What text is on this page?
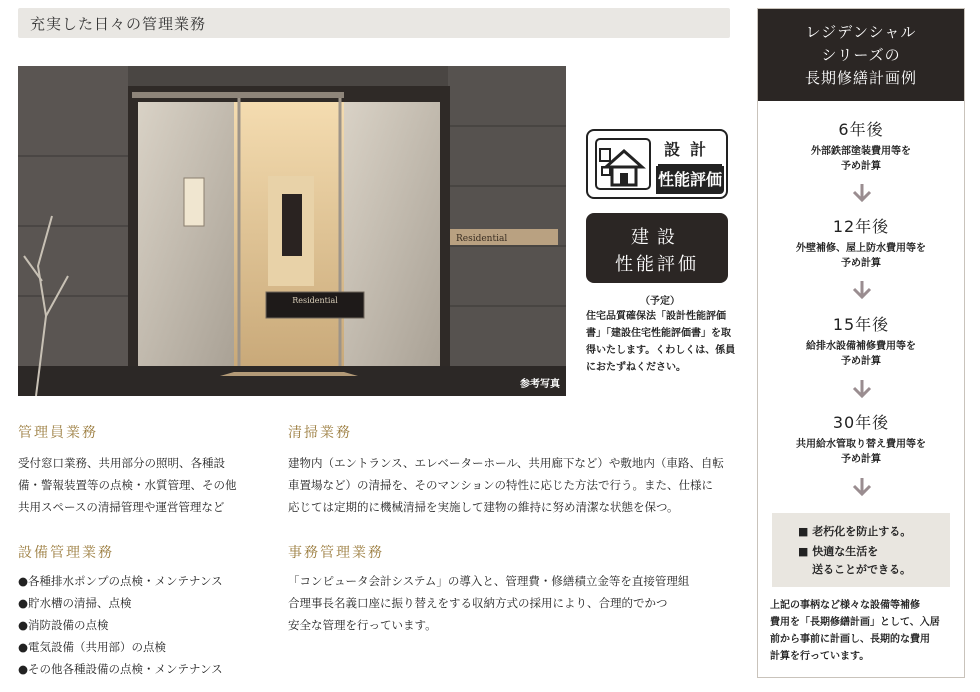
充実した日々の管理業務
Residential
Residential
参考写真
設計
性能評価
建設
性能評価
（予定）
住宅品質確保法「設計性能評価書」「建設住宅性能評価書」を取得いたします。くわしくは、係員におたずねください。
レジデンシャル
シリーズの
長期修繕計画例
6年後
外部鉄部塗装費用等を
予め計算
12年後
外壁補修、屋上防水費用等を
予め計算
15年後
給排水設備補修費用等を
予め計算
30年後
共用給水管取り替え費用等を
予め計算
■ 老朽化を防止する。
■ 快適な生活を
送ることができる。
上記の事柄など様々な設備等補修
費用を「長期修繕計画」として、入居
前から事前に計画し、長期的な費用
計算を行っています。
管理員業務
受付窓口業務、共用部分の照明、各種設
備・警報装置等の点検・水質管理、その他
共用スペースの清掃管理や運営管理など
清掃業務
建物内（エントランス、エレベーターホール、共用廊下など）や敷地内（車路、自転
車置場など）の清掃を、そのマンションの特性に応じた方法で行う。また、仕様に
応じては定期的に機械清掃を実施して建物の維持に努め清潔な状態を保つ。
設備管理業務
●各種排水ポンプの点検・メンテナンス
●貯水槽の清掃、点検
●消防設備の点検
●電気設備（共用部）の点検
●その他各種設備の点検・メンテナンス
事務管理業務
「コンピュータ会計システム」の導入と、管理費・修繕積立金等を直接管理組
合理事長名義口座に振り替えをする収納方式の採用により、合理的でかつ
安全な管理を行っています。
